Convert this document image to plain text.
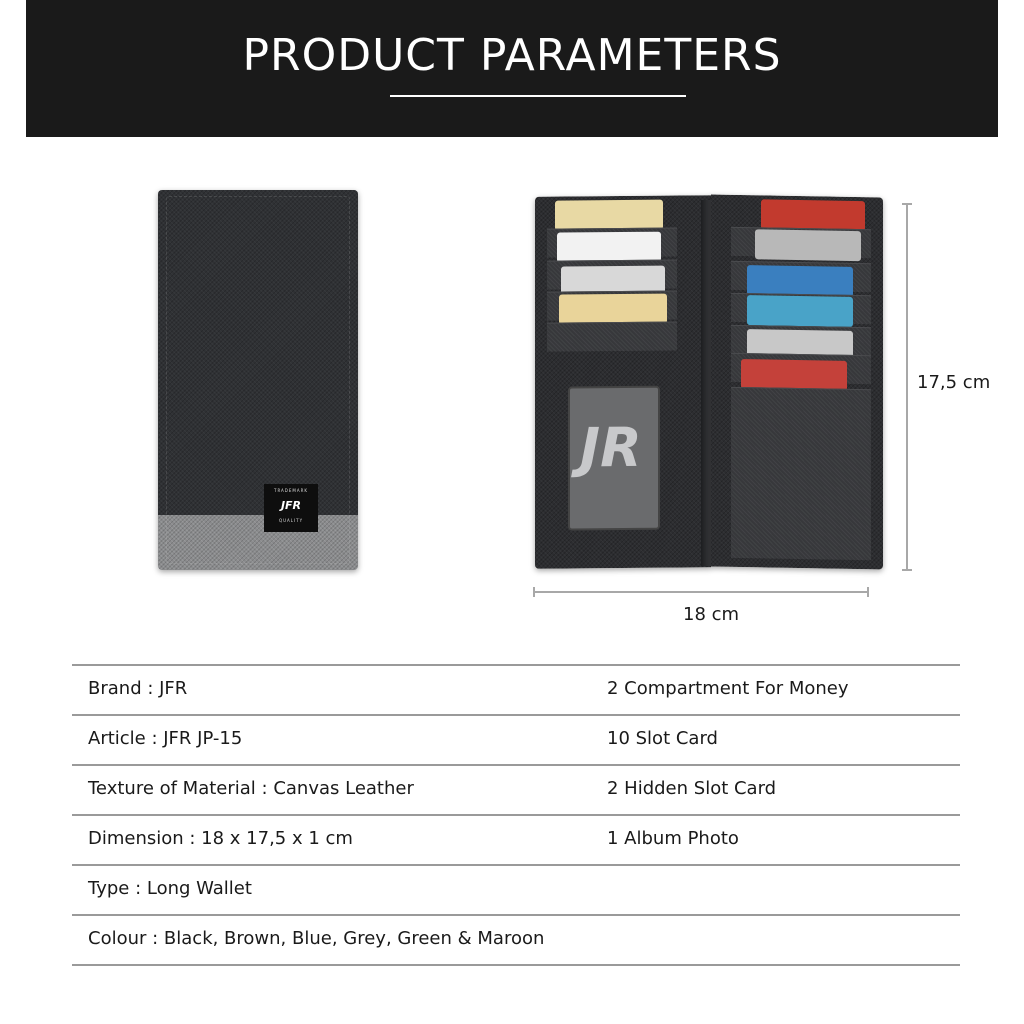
PRODUCT PARAMETERS
TRADEMARK
JFR
QUALITY
JR
17,5 cm
18 cm
Brand : JFR	2 Compartment For Money
Article : JFR JP-15	10 Slot Card
Texture of Material : Canvas Leather	2 Hidden Slot Card
Dimension : 18 x 17,5 x 1 cm	1 Album Photo
Type : Long Wallet
Colour : Black, Brown, Blue, Grey, Green & Maroon
